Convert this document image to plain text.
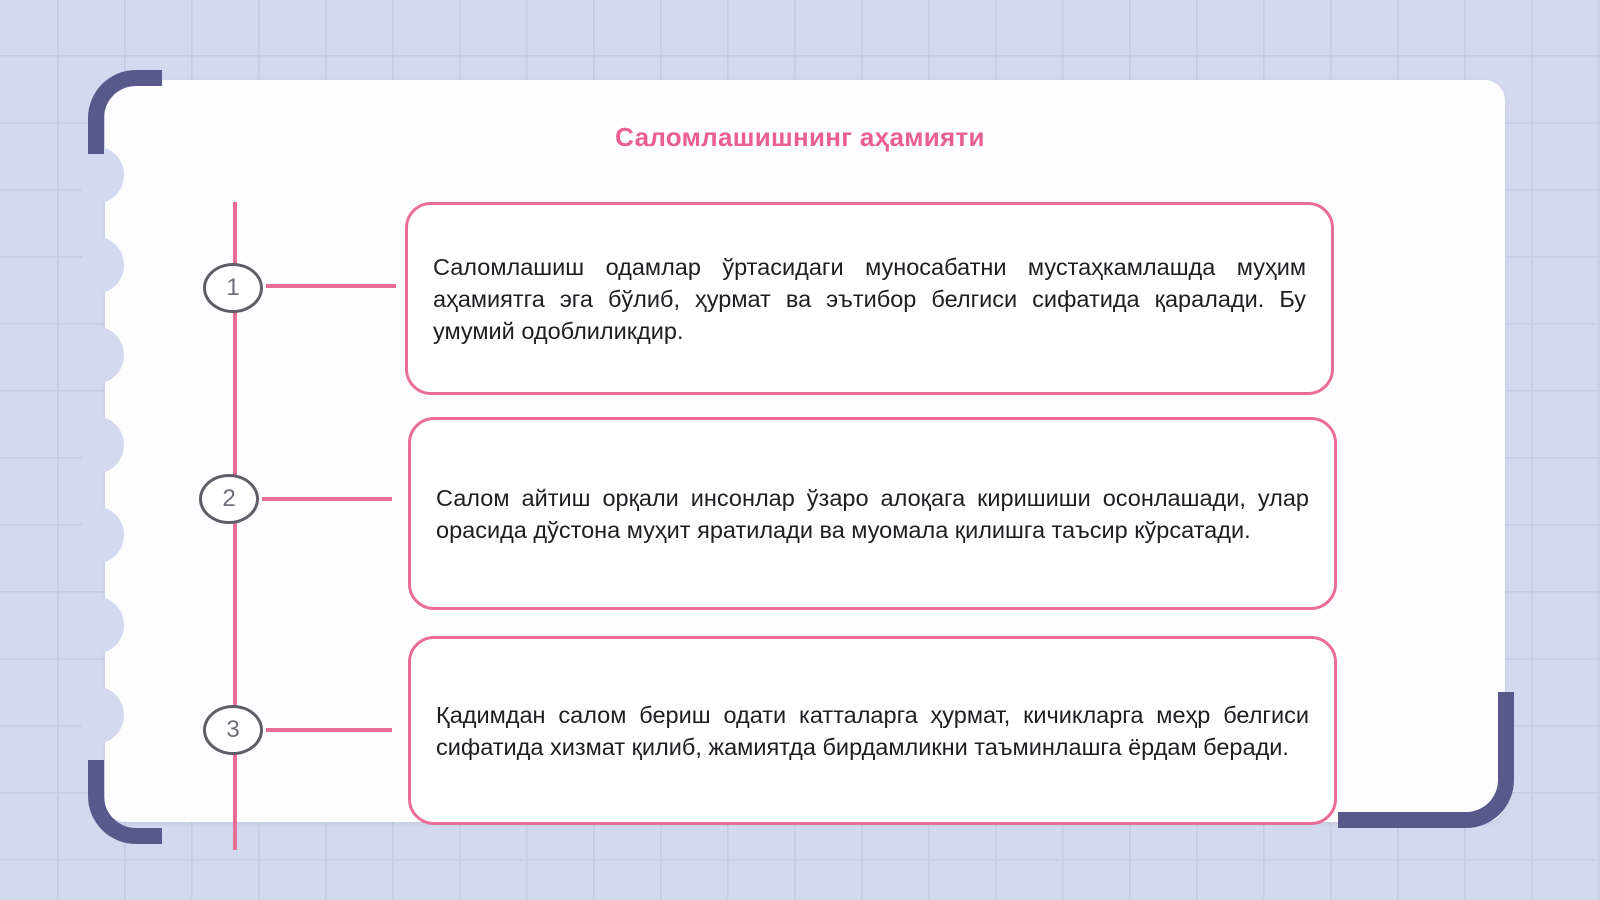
Саломлашишнинг аҳамияти
1
2
3

Саломлашиш одамлар ўртасидаги муносабатни мустаҳкамлашда муҳим аҳамиятга эга бўлиб, ҳурмат ва эътибор белгиси сифатида қаралади. Бу умумий одоблиликдир.

Салом айтиш орқали инсонлар ўзаро алоқага киришиши осонлашади, улар орасида дўстона муҳит яратилади ва муомала қилишга таъсир кўрсатади.

Қадимдан салом бериш одати катталарга ҳурмат, кичикларга меҳр белгиси сифатида хизмат қилиб, жамиятда бирдамликни таъминлашга ёрдам беради.
